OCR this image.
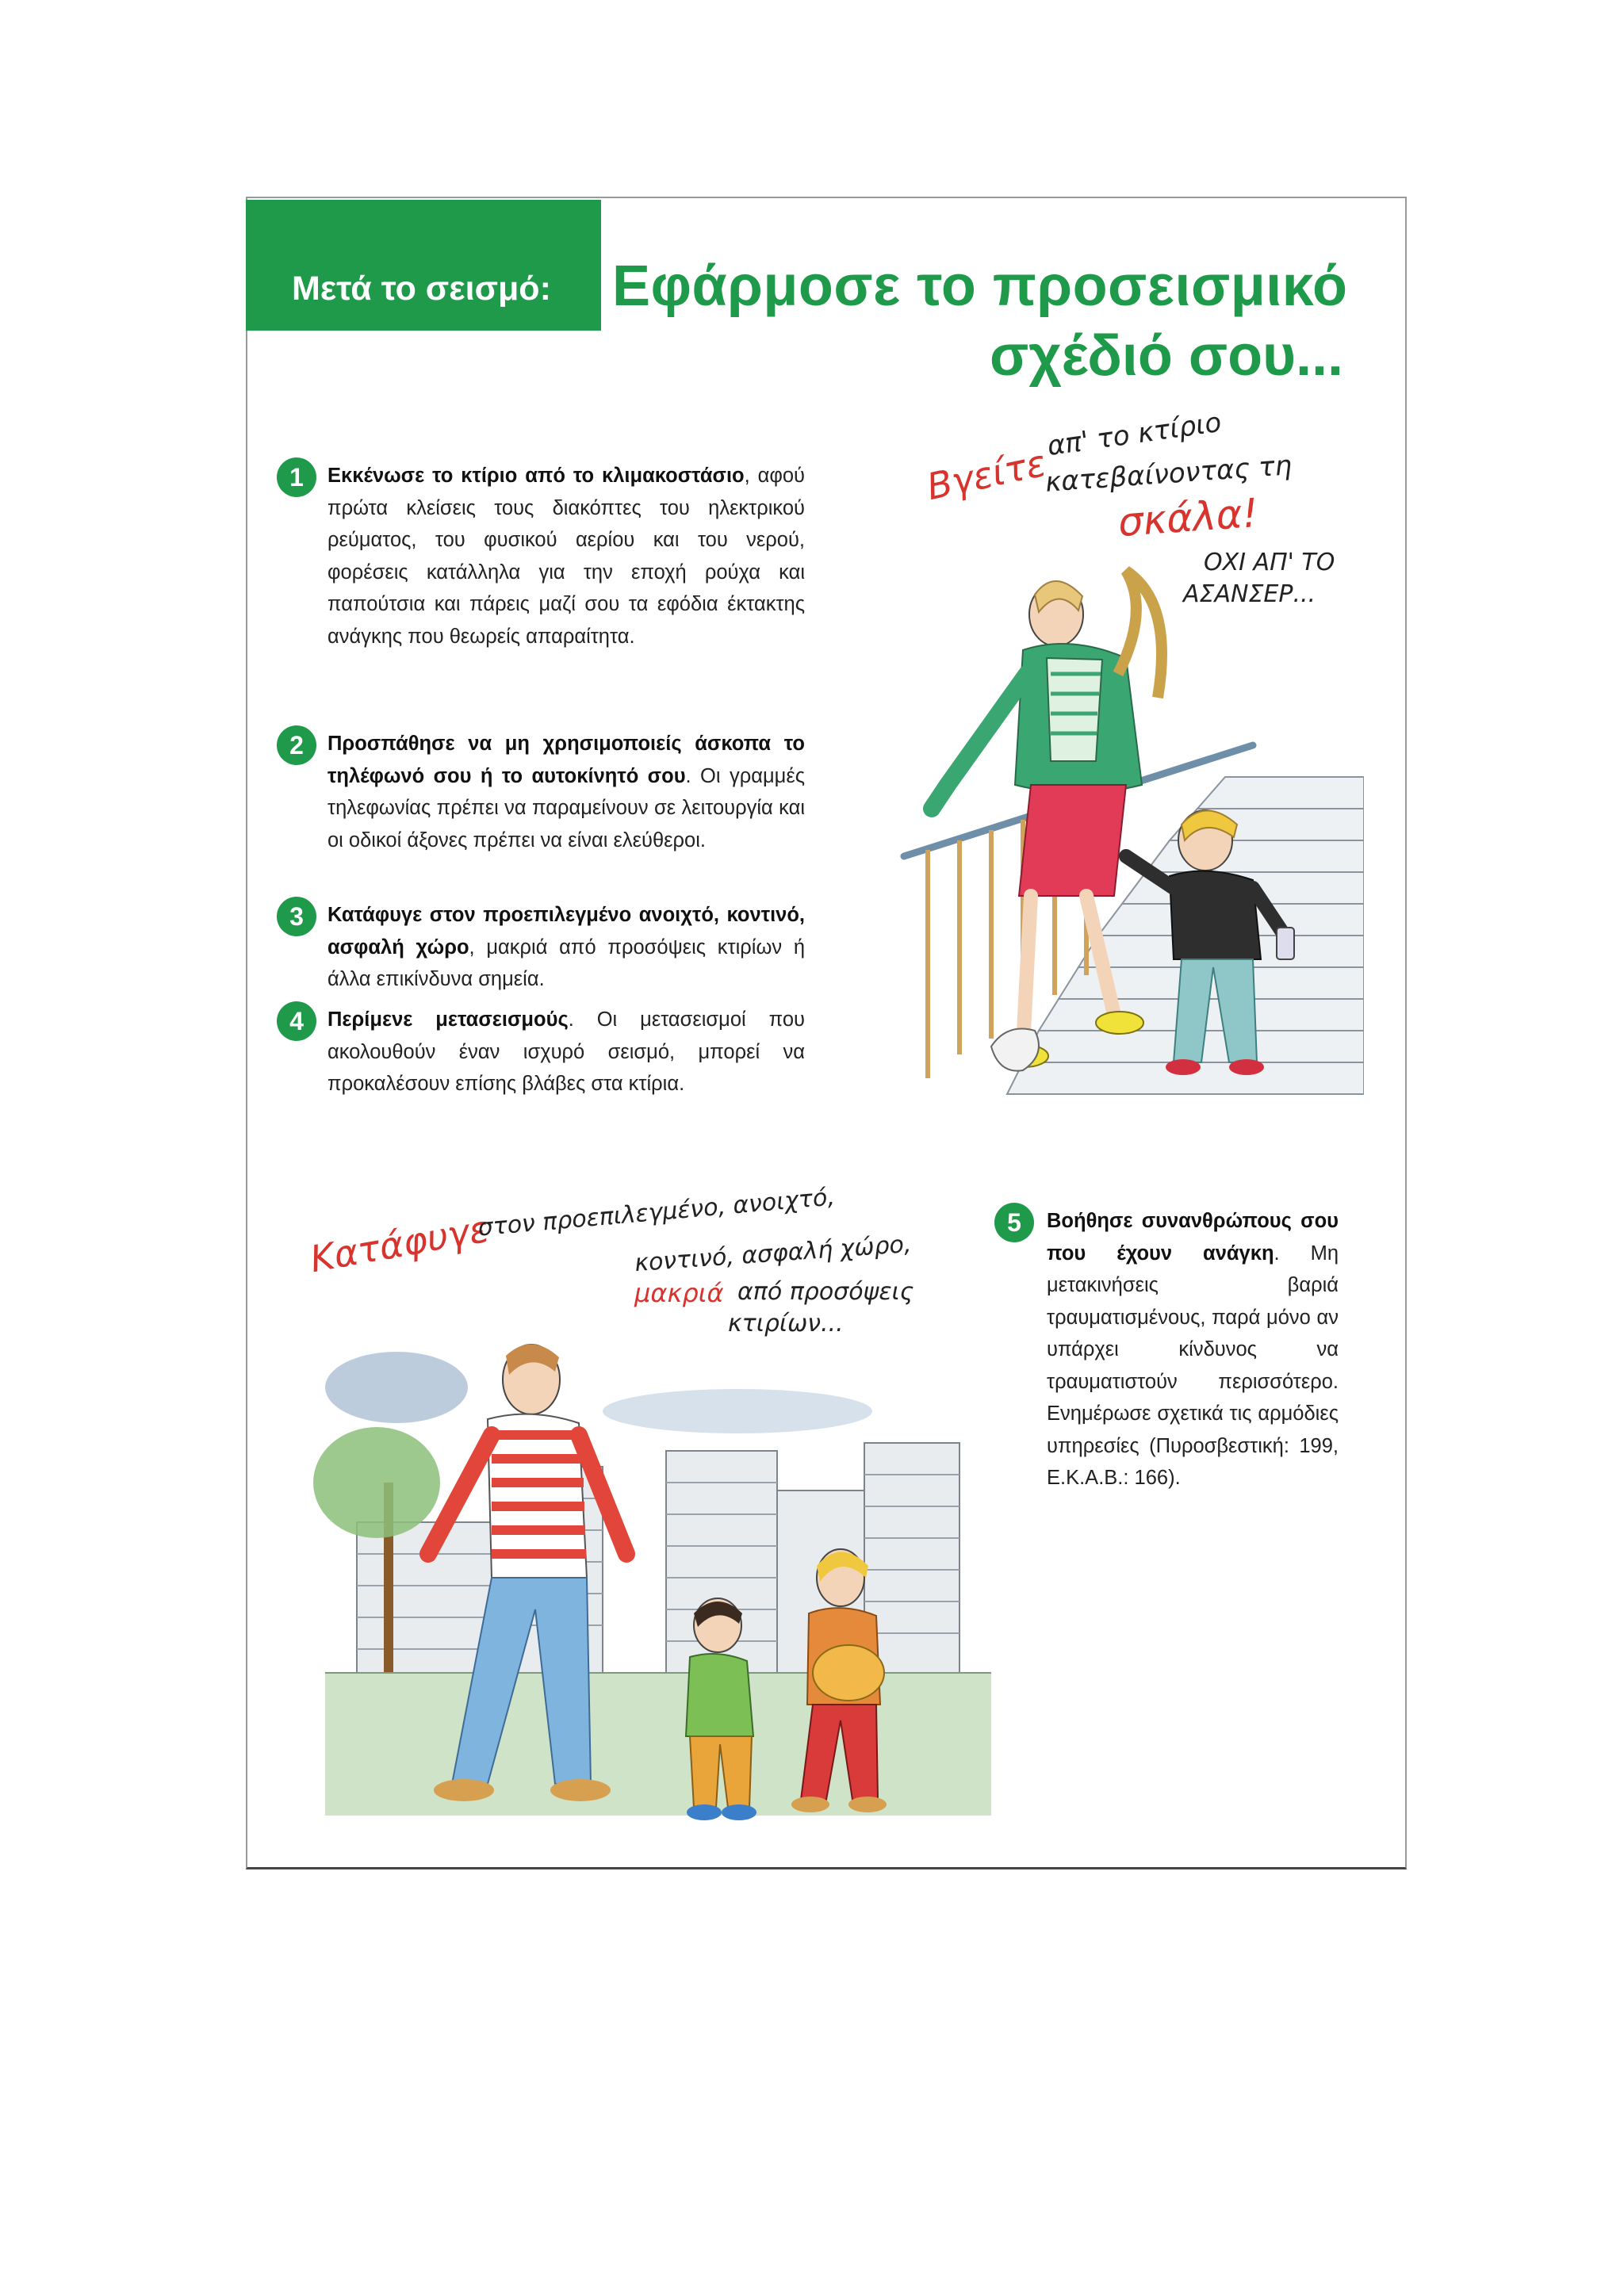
Μετά το σεισμό: Εφάρμοσε το προσεισμικό
σχέδιό σου...
1	Εκκένωσε το κτίριο από το κλιμακοστάσιο, αφού πρώτα κλείσεις τους διακόπτες του ηλεκτρικού ρεύματος, του φυσικού αερίου και του νερού, φορέσεις κατάλληλα για την εποχή ρούχα και παπούτσια και πάρεις μαζί σου τα εφόδια έκτακτης ανάγκης που θεωρείς απαραίτητα.
2	Προσπάθησε να μη χρησιμοποιείς άσκοπα το τηλέφωνό σου ή το αυτοκίνητό σου. Οι γραμμές τηλεφωνίας πρέπει να παραμείνουν σε λειτουργία και οι οδικοί άξονες πρέπει να είναι ελεύθεροι.
3	Κατάφυγε στον προεπιλεγμένο ανοιχτό, κοντινό, ασφαλή χώρο, μακριά από προσόψεις κτιρίων ή άλλα επικίνδυνα σημεία.
4	Περίμενε μετασεισμούς. Οι μετασεισμοί που ακολουθούν έναν ισχυρό σεισμό, μπορεί να προκαλέσουν επίσης βλάβες στα κτίρια.
5	Βοήθησε συνανθρώπους σου που έχουν ανάγκη. Μη μετακινήσεις βαριά τραυματισμένους, παρά μόνο αν υπάρχει κίνδυνος να τραυματιστούν περισσότερο. Ενημέρωσε σχετικά τις αρμόδιες υπηρεσίες (Πυροσβεστική: 199, Ε.Κ.Α.Β.: 166).
Βγείτε
απ' το κτίριο
κατεβαίνοντας τη
σκάλα!
ΟΧΙ ΑΠ' ΤΟ
ΑΣΑΝΣΕΡ...
Κατάφυγε
στον προεπιλεγμένο, ανοιχτό,
κοντινό, ασφαλή χώρο,
μακριά από προσόψεις
κτιρίων...
